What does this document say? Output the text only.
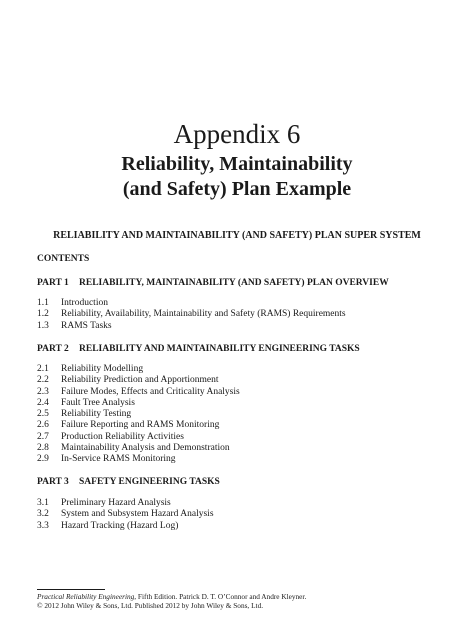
Appendix 6
Reliability, Maintainability
(and Safety) Plan Example
RELIABILITY AND MAINTAINABILITY (AND SAFETY) PLAN SUPER SYSTEM
CONTENTS
PART 1 RELIABILITY, MAINTAINABILITY (AND SAFETY) PLAN OVERVIEW
1.1 Introduction
1.2 Reliability, Availability, Maintainability and Safety (RAMS) Requirements
1.3 RAMS Tasks
PART 2 RELIABILITY AND MAINTAINABILITY ENGINEERING TASKS
2.1 Reliability Modelling
2.2 Reliability Prediction and Apportionment
2.3 Failure Modes, Effects and Criticality Analysis
2.4 Fault Tree Analysis
2.5 Reliability Testing
2.6 Failure Reporting and RAMS Monitoring
2.7 Production Reliability Activities
2.8 Maintainability Analysis and Demonstration
2.9 In-Service RAMS Monitoring
PART 3 SAFETY ENGINEERING TASKS
3.1 Preliminary Hazard Analysis
3.2 System and Subsystem Hazard Analysis
3.3 Hazard Tracking (Hazard Log)
Practical Reliability Engineering, Fifth Edition. Patrick D. T. O’Connor and Andre Kleyner.
© 2012 John Wiley & Sons, Ltd. Published 2012 by John Wiley & Sons, Ltd.
